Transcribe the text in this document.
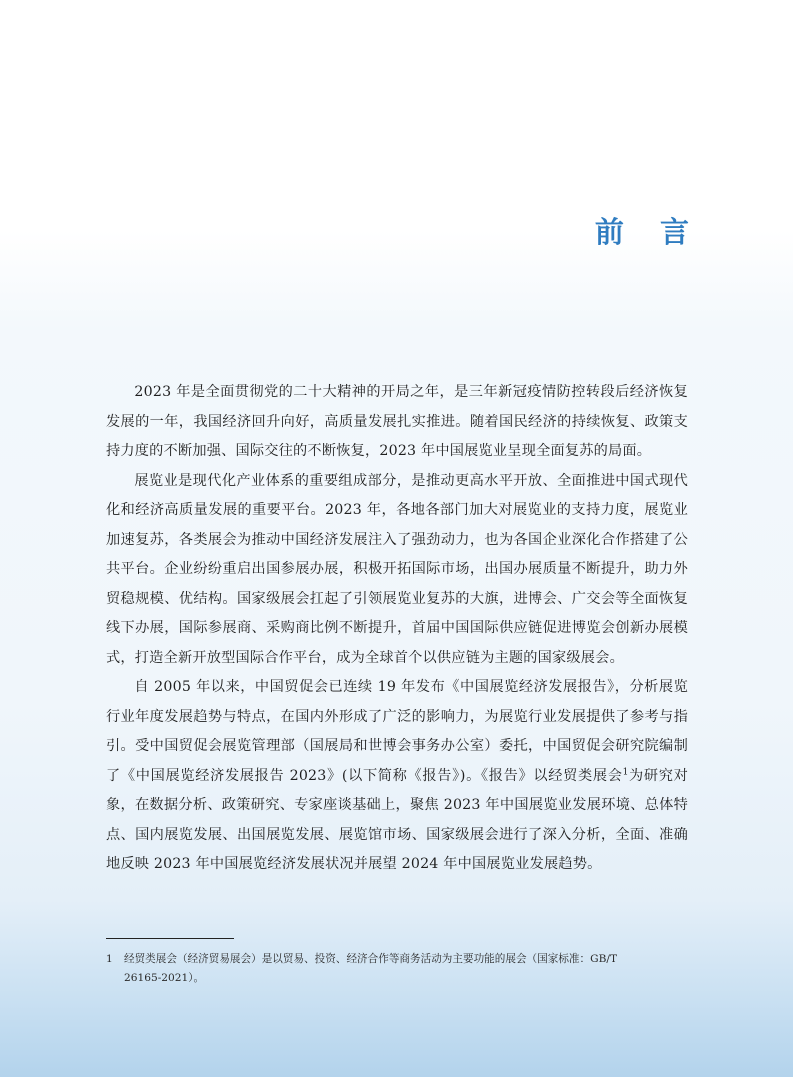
前 言

2023 年是全面贯彻党的二十大精神的开局之年，是三年新冠疫情防控转段后经济恢复发展的一年，我国经济回升向好，高质量发展扎实推进。随着国民经济的持续恢复、政策支持力度的不断加强、国际交往的不断恢复，2023 年中国展览业呈现全面复苏的局面。

展览业是现代化产业体系的重要组成部分，是推动更高水平开放、全面推进中国式现代化和经济高质量发展的重要平台。2023 年，各地各部门加大对展览业的支持力度，展览业加速复苏，各类展会为推动中国经济发展注入了强劲动力，也为各国企业深化合作搭建了公共平台。企业纷纷重启出国参展办展，积极开拓国际市场，出国办展质量不断提升，助力外贸稳规模、优结构。国家级展会扛起了引领展览业复苏的大旗，进博会、广交会等全面恢复线下办展，国际参展商、采购商比例不断提升，首届中国国际供应链促进博览会创新办展模式，打造全新开放型国际合作平台，成为全球首个以供应链为主题的国家级展会。

自 2005 年以来，中国贸促会已连续 19 年发布《中国展览经济发展报告》，分析展览行业年度发展趋势与特点，在国内外形成了广泛的影响力，为展览行业发展提供了参考与指引。受中国贸促会展览管理部（国展局和世博会事务办公室）委托，中国贸促会研究院编制了《中国展览经济发展报告 2023》(以下简称《报告》)。《报告》以经贸类展会$^1$为研究对象，在数据分析、政策研究、专家座谈基础上，聚焦 2023 年中国展览业发展环境、总体特点、国内展览发展、出国展览发展、展览馆市场、国家级展会进行了深入分析，全面、准确地反映 2023 年中国展览经济发展状况并展望 2024 年中国展览业发展趋势。

1 经贸类展会（经济贸易展会）是以贸易、投资、经济合作等商务活动为主要功能的展会（国家标准：GB/T
26165-2021）。
